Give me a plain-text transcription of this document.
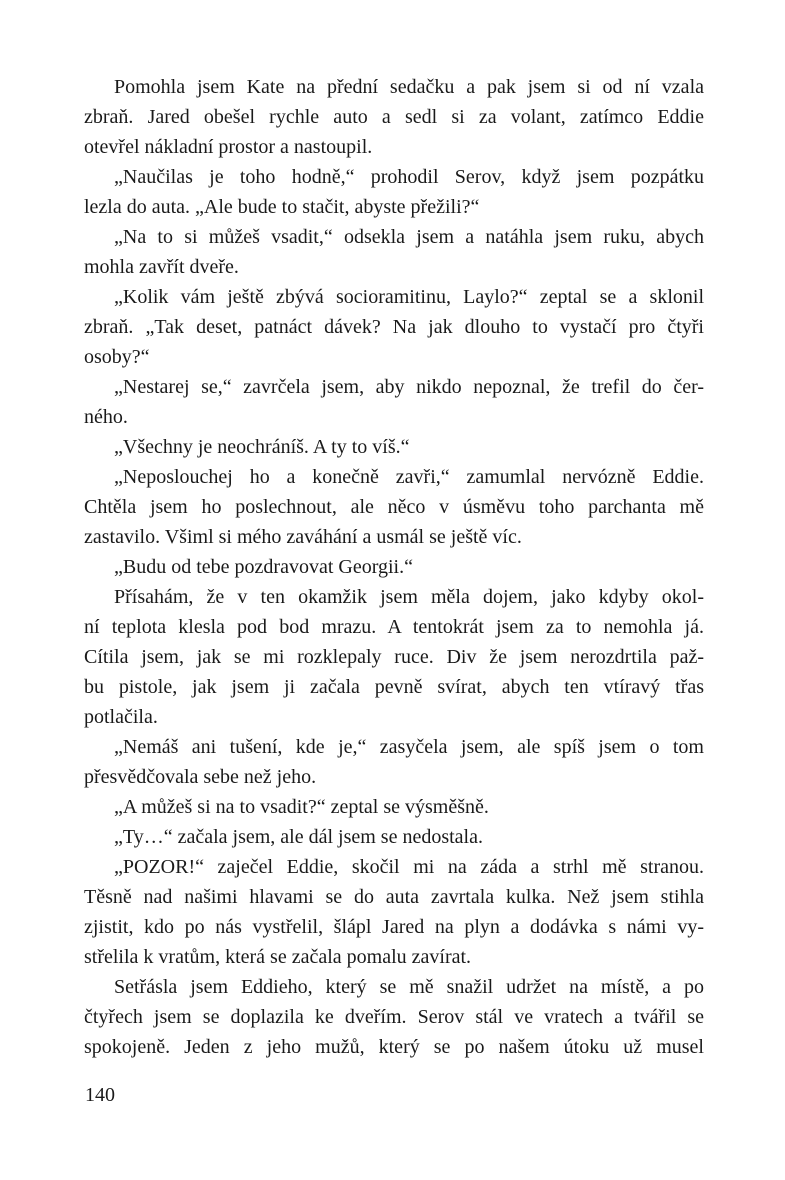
Pomohla jsem Kate na přední sedačku a pak jsem si od ní vzala
zbraň. Jared obešel rychle auto a sedl si za volant, zatímco Eddie
otevřel nákladní prostor a nastoupil.

„Naučilas je toho hodně,“ prohodil Serov, když jsem pozpátku
lezla do auta. „Ale bude to stačit, abyste přežili?“

„Na to si můžeš vsadit,“ odsekla jsem a natáhla jsem ruku, abych
mohla zavřít dveře.

„Kolik vám ještě zbývá socioramitinu, Laylo?“ zeptal se a sklonil
zbraň. „Tak deset, patnáct dávek? Na jak dlouho to vystačí pro čtyři
osoby?“

„Nestarej se,“ zavrčela jsem, aby nikdo nepoznal, že trefil do čer-
ného.

„Všechny je neochráníš. A ty to víš.“

„Neposlouchej ho a konečně zavři,“ zamumlal nervózně Eddie.
Chtěla jsem ho poslechnout, ale něco v úsměvu toho parchanta mě
zastavilo. Všiml si mého zaváhání a usmál se ještě víc.

„Budu od tebe pozdravovat Georgii.“

Přísahám, že v ten okamžik jsem měla dojem, jako kdyby okol-
ní teplota klesla pod bod mrazu. A tentokrát jsem za to nemohla já.
Cítila jsem, jak se mi rozklepaly ruce. Div že jsem nerozdrtila paž-
bu pistole, jak jsem ji začala pevně svírat, abych ten vtíravý třas
potlačila.

„Nemáš ani tušení, kde je,“ zasyčela jsem, ale spíš jsem o tom
přesvědčovala sebe než jeho.

„A můžeš si na to vsadit?“ zeptal se výsměšně.

„Ty…“ začala jsem, ale dál jsem se nedostala.

„POZOR!“ zaječel Eddie, skočil mi na záda a strhl mě stranou.
Těsně nad našimi hlavami se do auta zavrtala kulka. Než jsem stihla
zjistit, kdo po nás vystřelil, šlápl Jared na plyn a dodávka s námi vy-
střelila k vratům, která se začala pomalu zavírat.

Setřásla jsem Eddieho, který se mě snažil udržet na místě, a po
čtyřech jsem se doplazila ke dveřím. Serov stál ve vratech a tvářil se
spokojeně. Jeden z jeho mužů, který se po našem útoku už musel

140
